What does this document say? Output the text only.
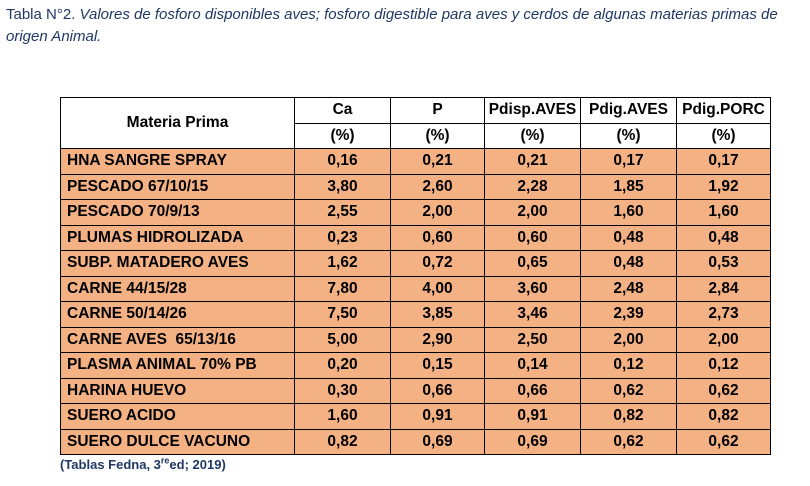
Tabla N°2. Valores de fosforo disponibles aves; fosforo digestible para aves y cerdos de algunas materias primas de origen Animal.
Materia Prima	Ca	P	Pdisp.AVES	Pdig.AVES	Pdig.PORC
	(%)	(%)	(%)	(%)	(%)
HNA SANGRE SPRAY	0,16	0,21	0,21	0,17	0,17
PESCADO 67/10/15	3,80	2,60	2,28	1,85	1,92
PESCADO 70/9/13	2,55	2,00	2,00	1,60	1,60
PLUMAS HIDROLIZADA	0,23	0,60	0,60	0,48	0,48
SUBP. MATADERO AVES	1,62	0,72	0,65	0,48	0,53
CARNE 44/15/28	7,80	4,00	3,60	2,48	2,84
CARNE 50/14/26	7,50	3,85	3,46	2,39	2,73
CARNE AVES  65/13/16	5,00	2,90	2,50	2,00	2,00
PLASMA ANIMAL 70% PB	0,20	0,15	0,14	0,12	0,12
HARINA HUEVO	0,30	0,66	0,66	0,62	0,62
SUERO ACIDO	1,60	0,91	0,91	0,82	0,82
SUERO DULCE VACUNO	0,82	0,69	0,69	0,62	0,62
(Tablas Fedna, 3reed; 2019)
